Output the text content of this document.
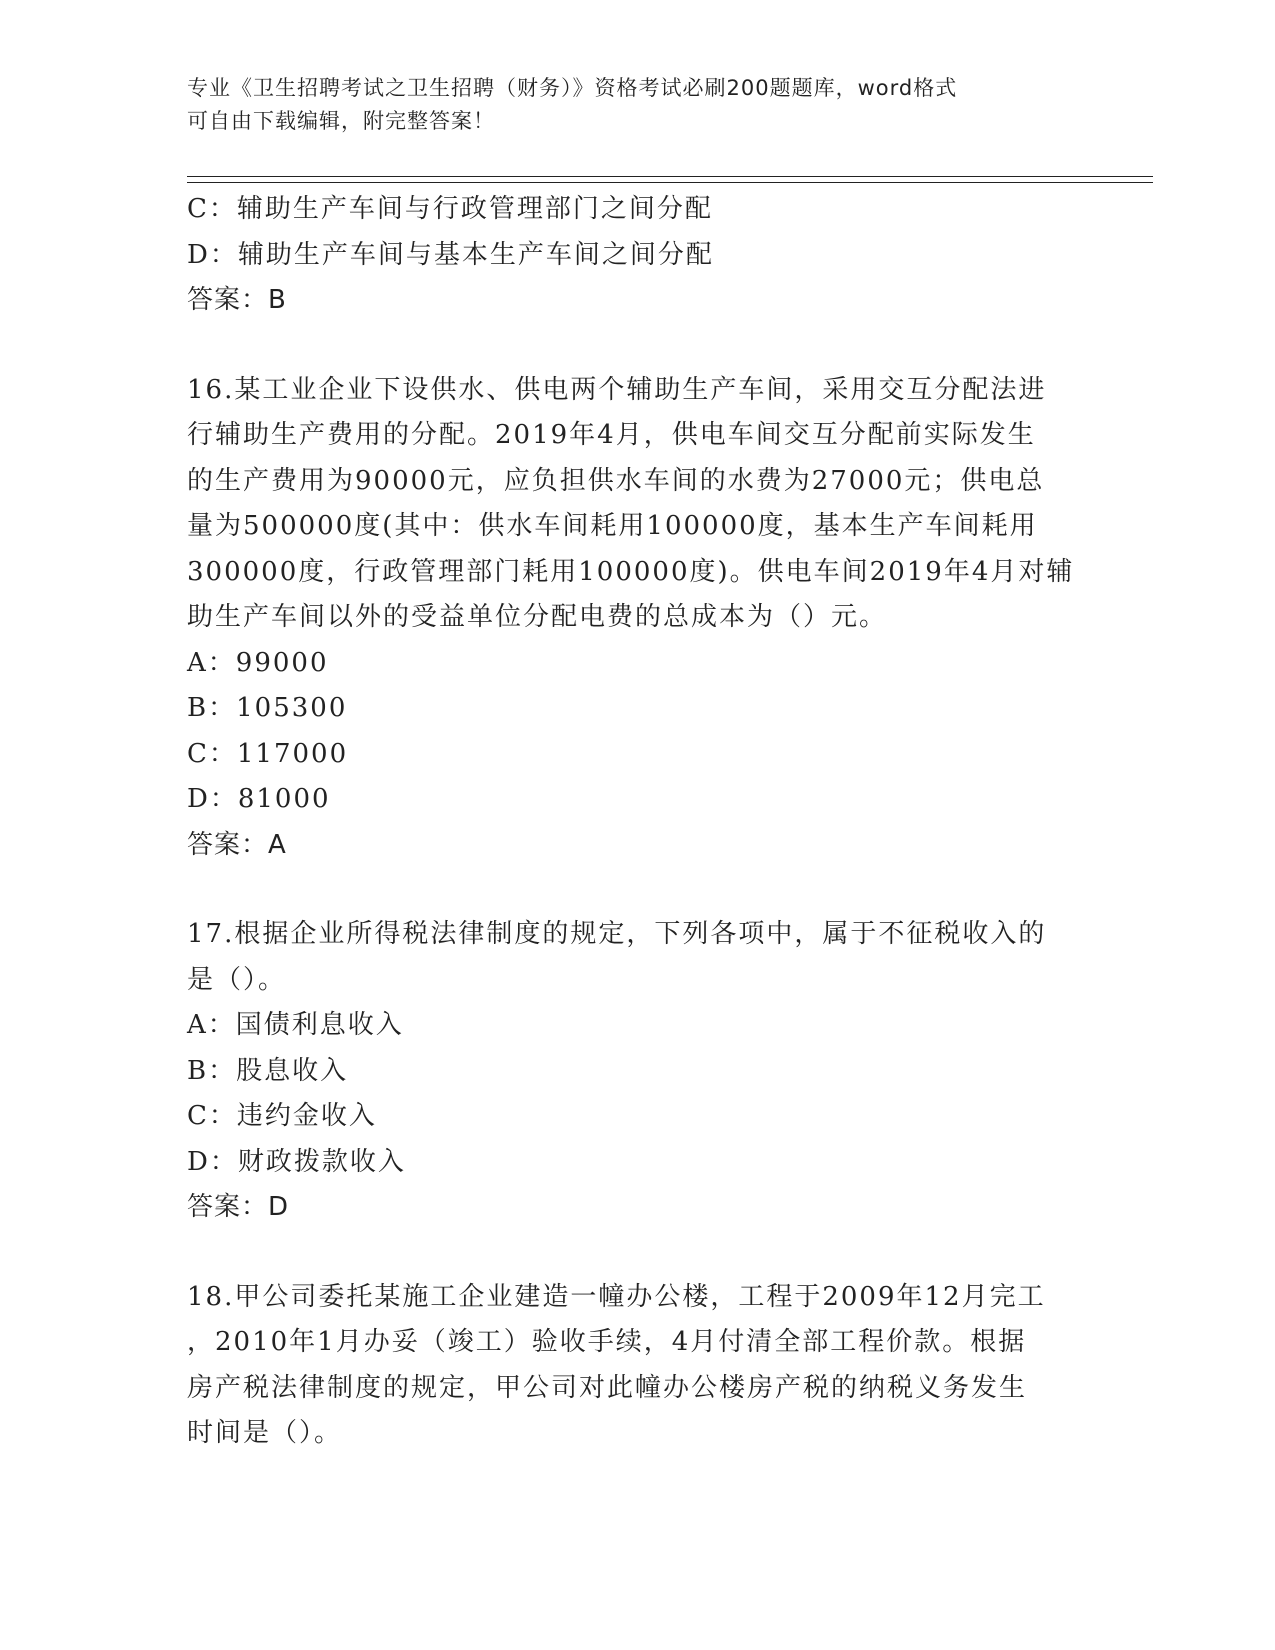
专业《卫生招聘考试之卫生招聘（财务）》资格考试必刷200题题库，word格式
可自由下载编辑，附完整答案！
C：辅助生产车间与行政管理部门之间分配
D：辅助生产车间与基本生产车间之间分配
答案：B
16.某工业企业下设供水、供电两个辅助生产车间，采用交互分配法进
行辅助生产费用的分配。2019年4月，供电车间交互分配前实际发生
的生产费用为90000元，应负担供水车间的水费为27000元；供电总
量为500000度(其中：供水车间耗用100000度，基本生产车间耗用
300000度，行政管理部门耗用100000度)。供电车间2019年4月对辅
助生产车间以外的受益单位分配电费的总成本为（）元。
A：99000
B：105300
C：117000
D：81000
答案：A
17.根据企业所得税法律制度的规定，下列各项中，属于不征税收入的
是（）。
A：国债利息收入
B：股息收入
C：违约金收入
D：财政拨款收入
答案：D
18.甲公司委托某施工企业建造一幢办公楼，工程于2009年12月完工
，2010年1月办妥（竣工）验收手续，4月付清全部工程价款。根据
房产税法律制度的规定，甲公司对此幢办公楼房产税的纳税义务发生
时间是（）。
